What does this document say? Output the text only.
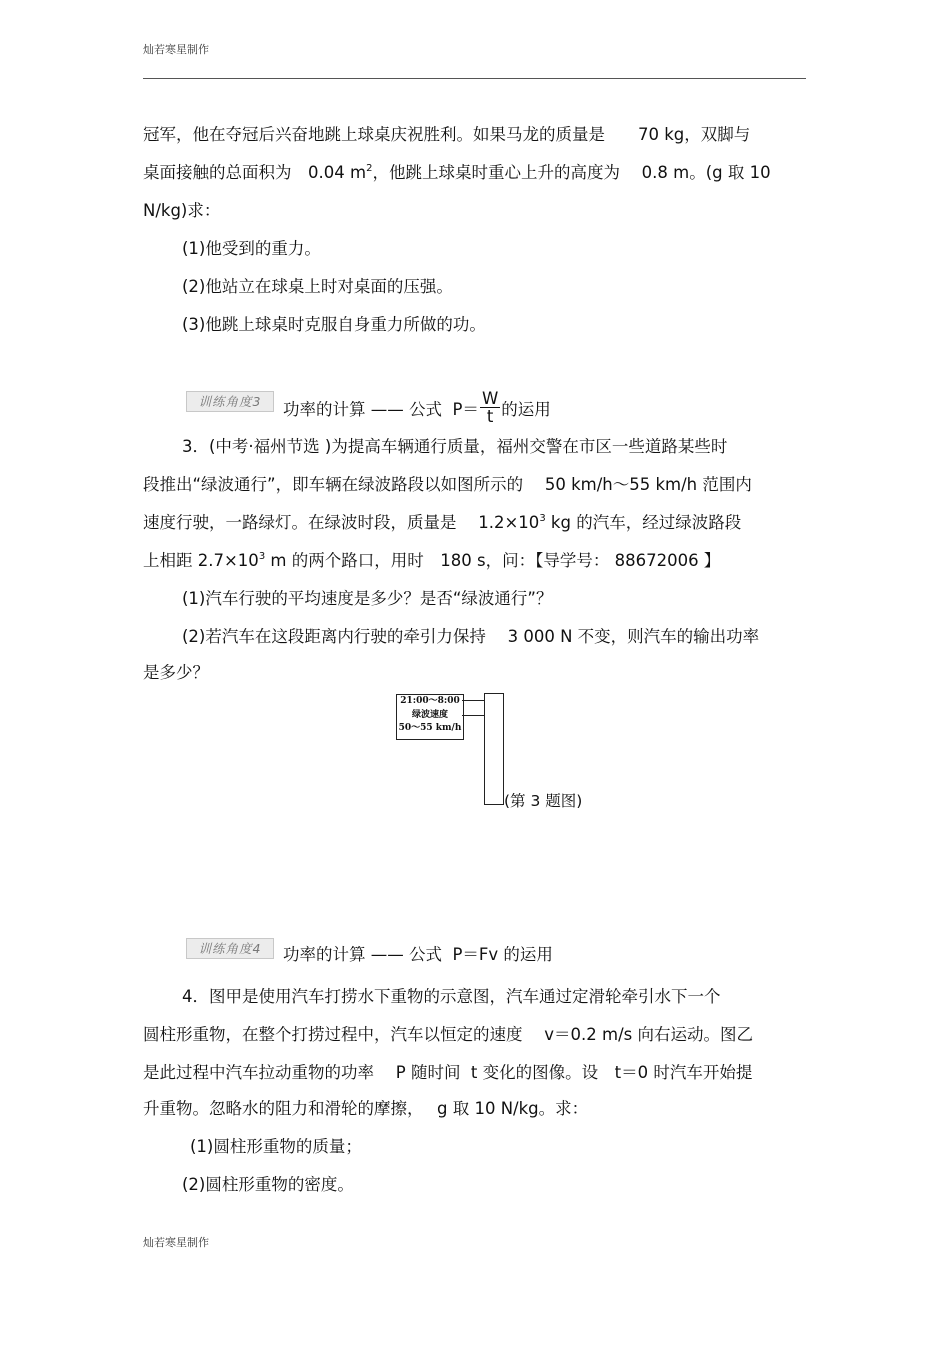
灿若寒星制作
冠军，他在夺冠后兴奋地跳上球桌庆祝胜利。如果马龙的质量是　　70 kg，双脚与
桌面接触的总面积为　0.04 $m^2$，他跳上球桌时重心上升的高度为　 0.8 m。(g 取 10
N/kg)求：
(1)他受到的重力。
(2)他站立在球桌上时对桌面的压强。
(3)他跳上球桌时克服自身重力所做的功。
训练角度3	功率的计算 —— 公式  $P= \frac{W}{t}$ 的运用
3．(中考·福州节选 )为提高车辆通行质量，福州交警在市区一些道路某些时
段推出“绿波通行”，即车辆在绿波路段以如图所示的　 50 km/h～55 km/h 范围内
速度行驶，一路绿灯。在绿波时段，质量是　 $1.2\times 10^3$ kg 的汽车，经过绿波路段
上相距 $2.7\times 10^3$ m 的两个路口，用时　180 s，问：【导学号： 88672006 】
(1)汽车行驶的平均速度是多少？是否“绿波通行”？
(2)若汽车在这段距离内行驶的牵引力保持　 3 000 N 不变，则汽车的输出功率
是多少？
21:00～8:00
绿波速度
50～55 km/h
(第 3 题图)
训练角度4	功率的计算 —— 公式  P＝Fv 的运用
4．图甲是使用汽车打捞水下重物的示意图，汽车通过定滑轮牵引水下一个
圆柱形重物，在整个打捞过程中，汽车以恒定的速度　 v＝0.2 m/s 向右运动。图乙
是此过程中汽车拉动重物的功率　 P 随时间  t 变化的图像。设　t＝0 时汽车开始提
升重物。忽略水的阻力和滑轮的摩擦，　 g 取 10 N/kg。求：
(1)圆柱形重物的质量；
(2)圆柱形重物的密度。
灿若寒星制作
